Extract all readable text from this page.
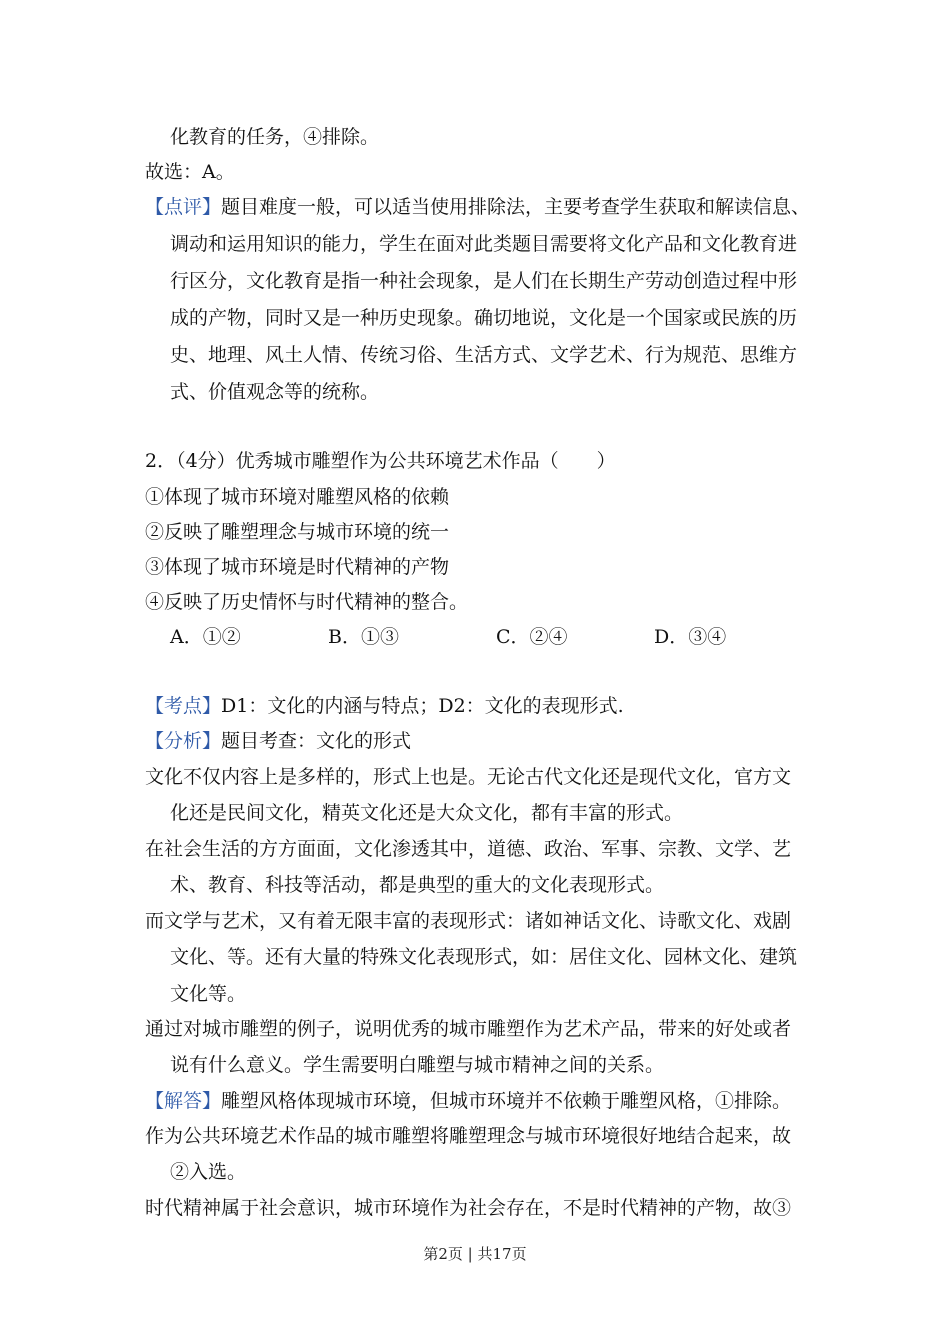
化教育的任务，④排除。
故选：A。
【点评】题目难度一般，可以适当使用排除法，主要考查学生获取和解读信息、
调动和运用知识的能力，学生在面对此类题目需要将文化产品和文化教育进
行区分，文化教育是指一种社会现象，是人们在长期生产劳动创造过程中形
成的产物，同时又是一种历史现象。确切地说，文化是一个国家或民族的历
史、地理、风土人情、传统习俗、生活方式、文学艺术、行为规范、思维方
式、价值观念等的统称。
2．（4分）优秀城市雕塑作为公共环境艺术作品（　　）
①体现了城市环境对雕塑风格的依赖
②反映了雕塑理念与城市环境的统一
③体现了城市环境是时代精神的产物
④反映了历史情怀与时代精神的整合。
A．①②	B．①③	C．②④	D．③④
【考点】D1：文化的内涵与特点；D2：文化的表现形式.
【分析】题目考查：文化的形式
文化不仅内容上是多样的，形式上也是。无论古代文化还是现代文化，官方文
化还是民间文化，精英文化还是大众文化，都有丰富的形式。
在社会生活的方方面面，文化渗透其中，道德、政治、军事、宗教、文学、艺
术、教育、科技等活动，都是典型的重大的文化表现形式。
而文学与艺术，又有着无限丰富的表现形式：诸如神话文化、诗歌文化、戏剧
文化、等。还有大量的特殊文化表现形式，如：居住文化、园林文化、建筑
文化等。
通过对城市雕塑的例子，说明优秀的城市雕塑作为艺术产品，带来的好处或者
说有什么意义。学生需要明白雕塑与城市精神之间的关系。
【解答】雕塑风格体现城市环境，但城市环境并不依赖于雕塑风格，①排除。
作为公共环境艺术作品的城市雕塑将雕塑理念与城市环境很好地结合起来，故
②入选。
时代精神属于社会意识，城市环境作为社会存在，不是时代精神的产物，故③
第2页 | 共17页
